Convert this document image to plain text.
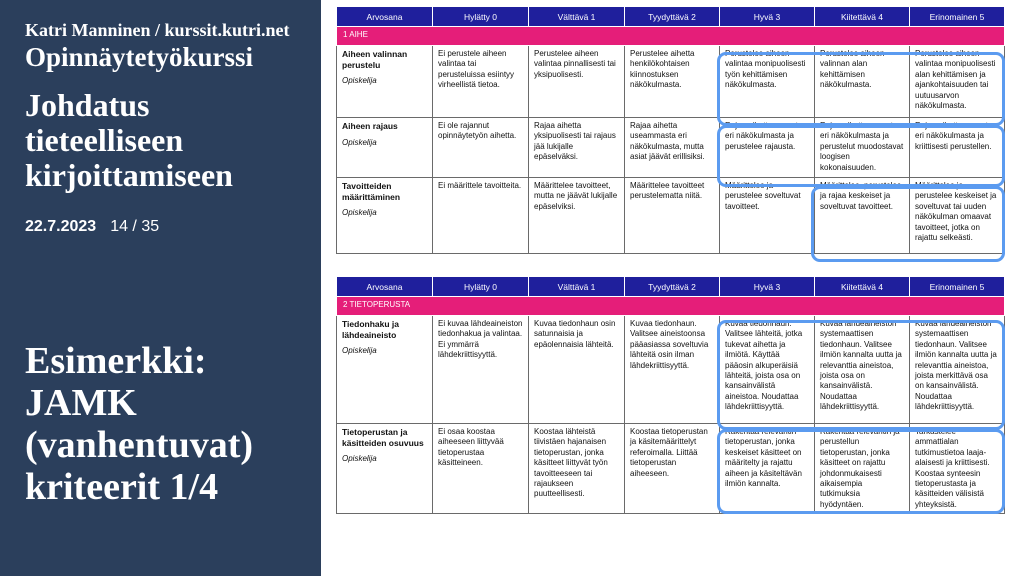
Katri Manninen / kurssit.kutri.net
Opinnäytetyökurssi
Johdatus tieteelliseen kirjoittamiseen
22.7.2023 14 / 35
Esimerkki: JAMK (vanhentuvat) kriteerit 1/4
Arvosana	Hylätty 0	Välttävä 1	Tyydyttävä 2	Hyvä 3	Kiitettävä 4	Erinomainen 5
1 AIHE						

Aiheen valinnan perustelu
Opiskelija	Ei perustele aiheen valintaa tai perusteluissa esiintyy virheellistä tietoa.	Perustelee aiheen valintaa pinnallisesti tai yksipuolisesti.	Perustelee aihetta henkilökohtaisen kiinnostuksen näkökulmasta.	Perustelee aiheen valintaa monipuolisesti työn kehittämisen näkökulmasta.	Perustelee aiheen valinnan alan kehittämisen näkökulmasta.	Perustelee aiheen valintaa monipuolisesti alan kehittämisen ja ajankohtaisuuden tai uutuusarvon näkökulmasta.

Aiheen rajaus
Opiskelija	Ei ole rajannut opinnäytetyön aihetta.	Rajaa aihetta yksipuolisesti tai rajaus jää lukijalle epäselväksi.	Rajaa aihetta useammasta eri näkökulmasta, mutta asiat jäävät erillisiksi.	Rajaa aihetta useasta eri näkökulmasta ja perustelee rajausta.	Rajaa aihetta useasta eri näkökulmasta ja perustelut muodostavat loogisen kokonaisuuden.	Rajaa aihetta useasta eri näkökulmasta ja kriittisesti perustellen.

Tavoitteiden määrittäminen
Opiskelija	Ei määrittele tavoitteita.	Määrittelee tavoitteet, mutta ne jäävät lukijalle epäselviksi.	Määrittelee tavoitteet perustelematta niitä.	Määrittelee ja perustelee soveltuvat tavoitteet.	Määrittelee, perustelee ja rajaa keskeiset ja soveltuvat tavoitteet.	Määrittelee ja perustelee keskeiset ja soveltuvat tai uuden näkökulman omaavat tavoitteet, jotka on rajattu selkeästi.
Arvosana	Hylätty 0	Välttävä 1	Tyydyttävä 2	Hyvä 3	Kiitettävä 4	Erinomainen 5
2 TIETOPERUSTA						

Tiedonhaku ja lähdeaineisto
Opiskelija	Ei kuvaa lähdeaineiston tiedonhakua ja valintaa. Ei ymmärrä lähdekriittisyyttä.	Kuvaa tiedonhaun osin satunnaisia ja epäolennaisia lähteitä.	Kuvaa tiedonhaun. Valitsee aineistoonsa pääasiassa soveltuvia lähteitä osin ilman lähdekriittisyyttä.	Kuvaa tiedonhaun. Valitsee lähteitä, jotka tukevat aihetta ja ilmiötä. Käyttää pääosin alkuperäisiä lähteitä, joista osa on kansainvälistä aineistoa. Noudattaa lähdekriittisyyttä.	Kuvaa lähdeaineiston systemaattisen tiedonhaun. Valitsee ilmiön kannalta uutta ja relevanttia aineistoa, joista osa on kansainvälistä. Noudattaa lähdekriittisyyttä.	Kuvaa lähdeaineiston systemaattisen tiedonhaun. Valitsee ilmiön kannalta uutta ja relevanttia aineistoa, joista merkittävä osa on kansainvälistä. Noudattaa lähdekriittisyyttä.

Tietoperustan ja käsitteiden osuvuus
Opiskelija	Ei osaa koostaa aiheeseen liittyvää tietoperustaa käsitteineen.	Koostaa lähteistä tiivistäen hajanaisen tietoperustan, jonka käsitteet liittyvät työn tavoitteeseen tai rajaukseen puutteellisesti.	Koostaa tietoperustan ja käsitemäärittelyt referoimalla. Liittää tietoperustan aiheeseen.	Rakentaa relevantin tietoperustan, jonka keskeiset käsitteet on määritelty ja rajattu aiheen ja käsiteltävän ilmiön kannalta.	Rakentaa relevantin ja perustellun tietoperustan, jonka käsitteet on rajattu johdonmukaisesti aikaisempia tutkimuksia hyödyntäen.	Tarkastelee ammattialan tutkimustietoa laaja-alaisesti ja kriittisesti. Koostaa synteesin tietoperustasta ja käsitteiden välisistä yhteyksistä.
